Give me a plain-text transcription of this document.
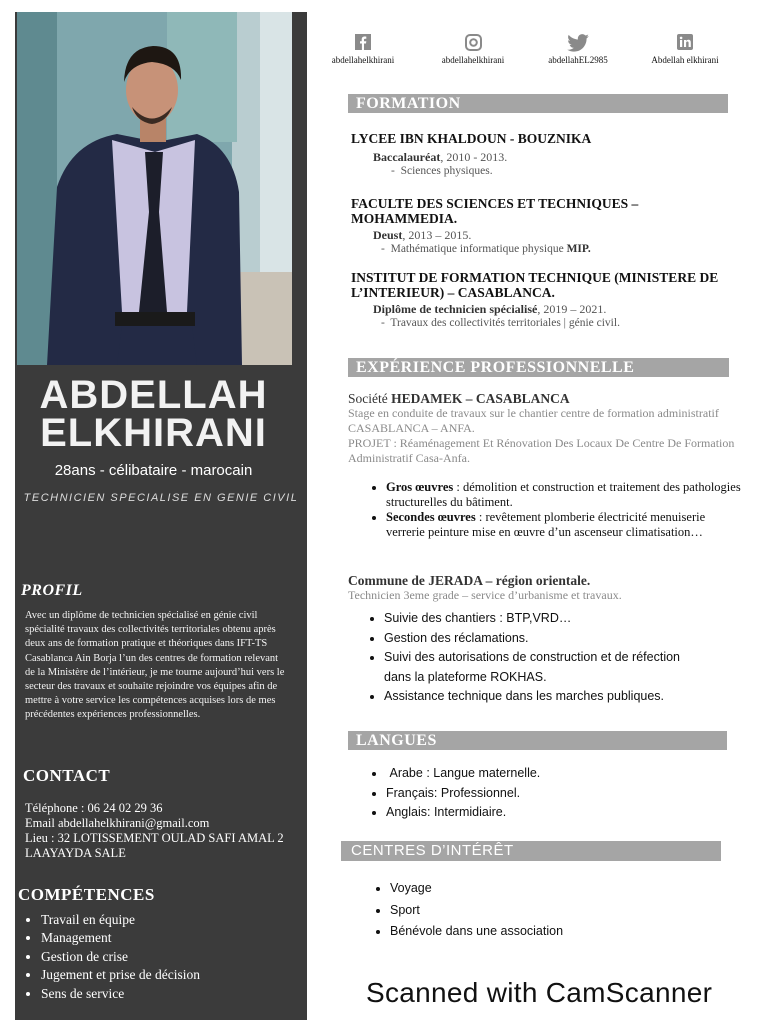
ABDELLAH
ELKHIRANI
28ans - célibataire - marocain
TECHNICIEN SPECIALISE EN GENIE CIVIL
PROFIL
Avec un diplôme de technicien spécialisé en génie civil spécialité travaux des collectivités territoriales obtenu après deux ans de formation pratique et théoriques dans IFT-TS Casablanca Ain Borja l’un des centres de formation relevant de la Ministère de l’intérieur, je me tourne aujourd’hui vers le secteur des travaux et souhaite rejoindre vos équipes afin de mettre à votre service les compétences acquises lors de mes précédentes expériences professionnelles.
CONTACT
Téléphone : 06 24 02 29 36
Email abdellahelkhirani@gmail.com
Lieu : 32 LOTISSEMENT OULAD SAFI AMAL 2 LAAYAYDA SALE
COMPÉTENCES
• Travail en équipe
• Management
• Gestion de crise
• Jugement et prise de décision
• Sens de service
abdellahelkhirani	abdellahelkhirani	abdellahEL2985	Abdellah elkhirani
FORMATION
LYCEE IBN KHALDOUN - BOUZNIKA
Baccalauréat, 2010 - 2013.
-  Sciences physiques.
FACULTE DES SCIENCES ET TECHNIQUES – MOHAMMEDIA.
Deust, 2013 – 2015.
-  Mathématique informatique physique MIP.
INSTITUT DE FORMATION TECHNIQUE (MINISTERE DE L’INTERIEUR) – CASABLANCA.
Diplôme de technicien spécialisé, 2019 – 2021.
-  Travaux des collectivités territoriales | génie civil.
EXPÉRIENCE PROFESSIONNELLE
Société HEDAMEK – CASABLANCA
Stage en conduite de travaux sur le chantier centre de formation administratif CASABLANCA – ANFA.
PROJET : Réaménagement Et Rénovation Des Locaux De Centre De Formation Administratif Casa-Anfa.
• Gros œuvres : démolition et construction et traitement des pathologies structurelles du bâtiment.
• Secondes œuvres : revêtement plomberie électricité menuiserie verrerie peinture mise en œuvre d’un ascenseur climatisation…
Commune de JERADA – région orientale.
Technicien 3eme grade – service d’urbanisme et travaux.
• Suivie des chantiers : BTP,VRD…
• Gestion des réclamations.
• Suivi des autorisations de construction et de réfection dans la plateforme ROKHAS.
• Assistance technique dans les marches publiques.
LANGUES
• Arabe : Langue maternelle.
• Français: Professionnel.
• Anglais: Intermidiaire.
CENTRES D’INTÉRÊT
• Voyage
• Sport
• Bénévole dans une association
Scanned with CamScanner
